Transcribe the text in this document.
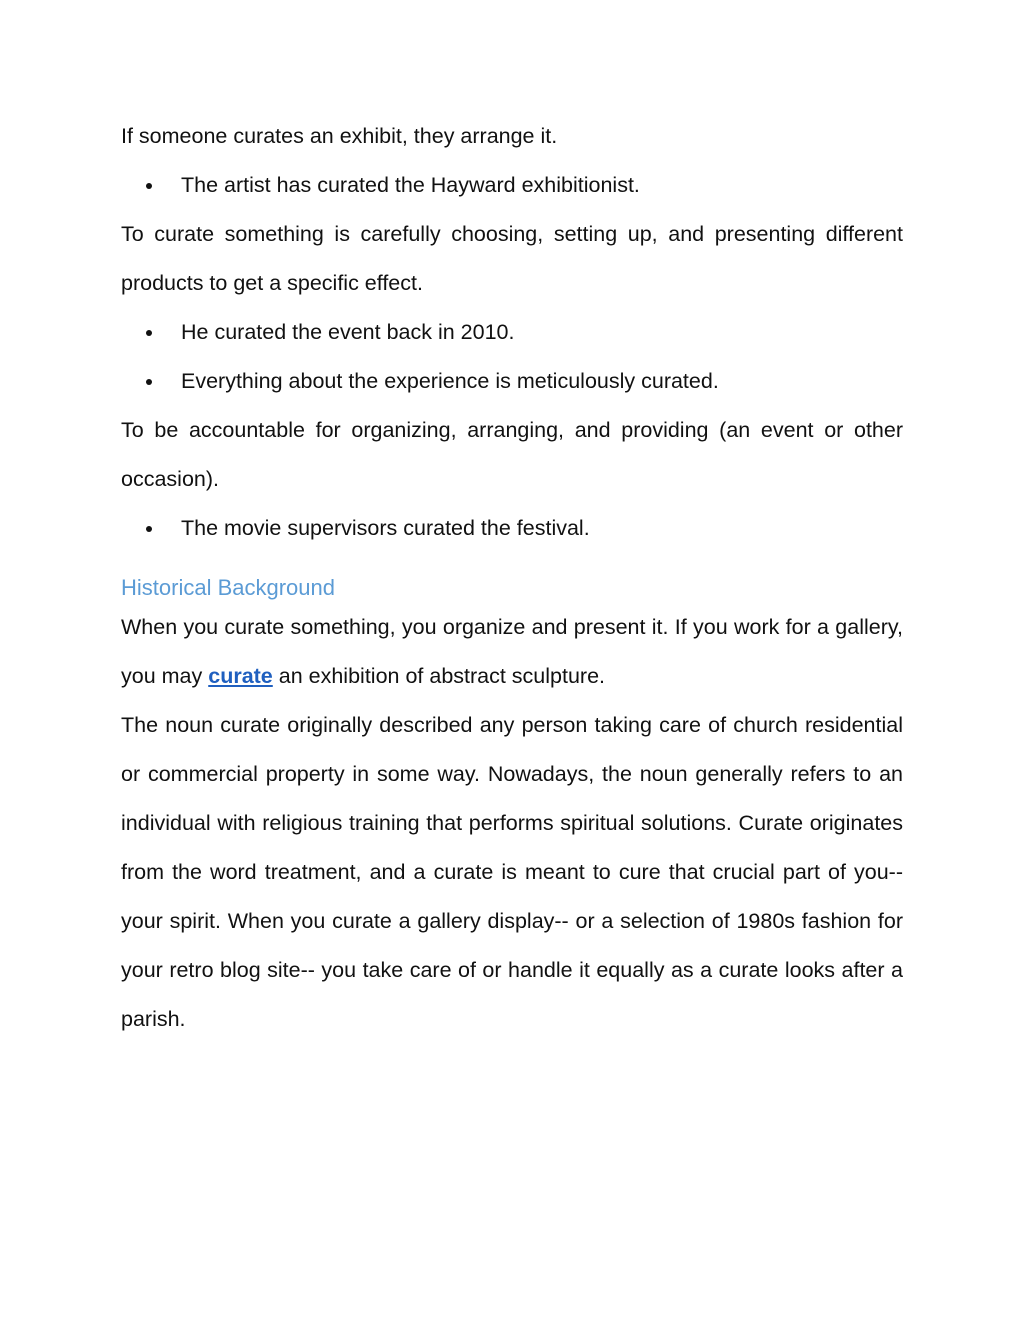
If someone curates an exhibit, they arrange it.

The artist has curated the Hayward exhibitionist.

To curate something is carefully choosing, setting up, and presenting different products to get a specific effect.

He curated the event back in 2010.
Everything about the experience is meticulously curated.

To be accountable for organizing, arranging, and providing (an event or other occasion).

The movie supervisors curated the festival.
Historical Background

When you curate something, you organize and present it. If you work for a gallery, you may curate an exhibition of abstract sculpture.

The noun curate originally described any person taking care of church residential or commercial property in some way. Nowadays, the noun generally refers to an individual with religious training that performs spiritual solutions. Curate originates from the word treatment, and a curate is meant to cure that crucial part of you-- your spirit. When you curate a gallery display-- or a selection of 1980s fashion for your retro blog site-- you take care of or handle it equally as a curate looks after a parish.
